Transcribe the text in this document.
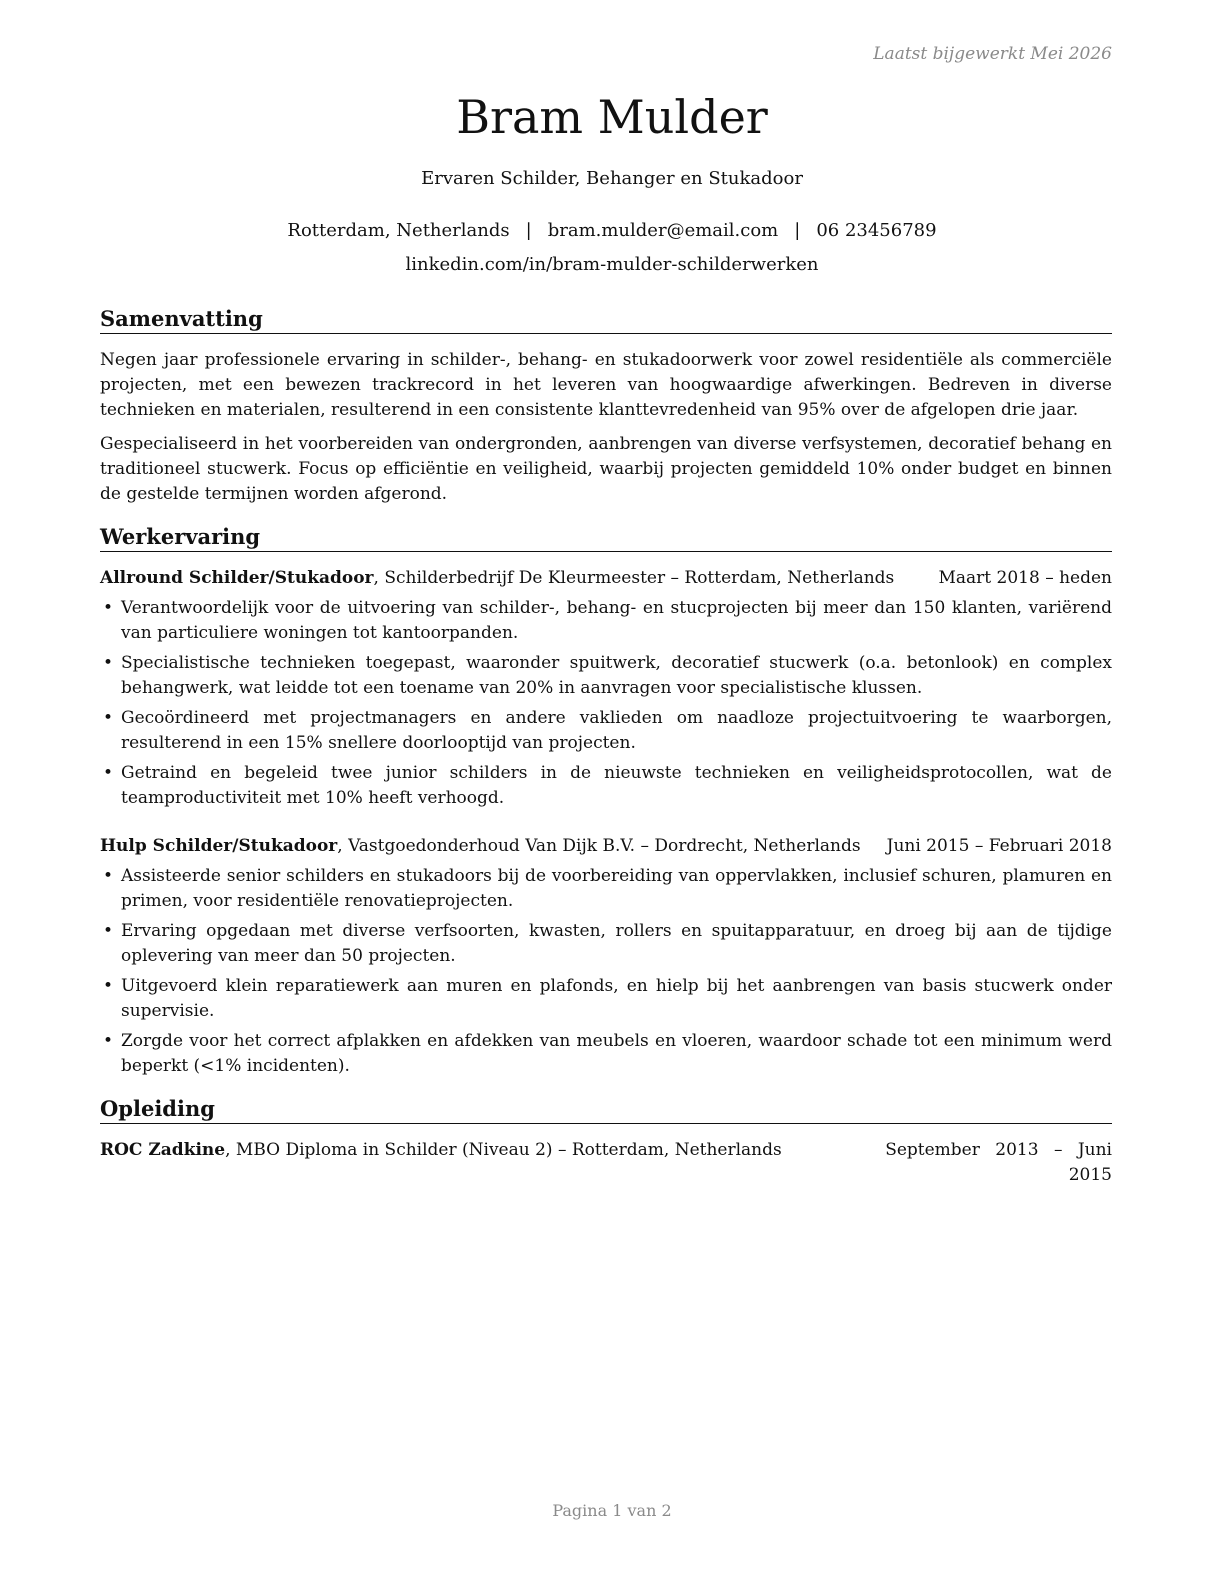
Laatst bijgewerkt Mei 2026
Bram Mulder
Ervaren Schilder, Behanger en Stukadoor
Rotterdam, Netherlands | bram.mulder@email.com | 06 23456789
linkedin.com/in/bram-mulder-schilderwerken
Samenvatting

Negen jaar professionele ervaring in schilder-, behang- en stukadoorwerk voor zowel residentiële als commerciële projecten, met een bewezen trackrecord in het leveren van hoogwaardige afwerkingen. Bedreven in diverse technieken en materialen, resulterend in een consistente klanttevredenheid van 95% over de afgelopen drie jaar.

Gespecialiseerd in het voorbereiden van ondergronden, aanbrengen van diverse verfsystemen, decoratief behang en traditioneel stucwerk. Focus op efficiëntie en veiligheid, waarbij projecten gemiddeld 10% onder budget en binnen de gestelde termijnen worden afgerond.

Werkervaring
Allround Schilder/Stukadoor, Schilderbedrijf De Kleurmeester – Rotterdam, Netherlands	Maart 2018 – heden
• Verantwoordelijk voor de uitvoering van schilder-, behang- en stucprojecten bij meer dan 150 klanten, variërend van particuliere woningen tot kantoorpanden.
• Specialistische technieken toegepast, waaronder spuitwerk, decoratief stucwerk (o.a. betonlook) en complex behangwerk, wat leidde tot een toename van 20% in aanvragen voor specialistische klussen.
• Gecoördineerd met projectmanagers en andere vaklieden om naadloze projectuitvoering te waarborgen, resulterend in een 15% snellere doorlooptijd van projecten.
• Getraind en begeleid twee junior schilders in de nieuwste technieken en veiligheidsprotocollen, wat de teamproductiviteit met 10% heeft verhoogd.
Hulp Schilder/Stukadoor, Vastgoedonderhoud Van Dijk B.V. – Dordrecht, Netherlands Juni 2015 – Februari 2018
• Assisteerde senior schilders en stukadoors bij de voorbereiding van oppervlakken, inclusief schuren, plamuren en primen, voor residentiële renovatieprojecten.
• Ervaring opgedaan met diverse verfsoorten, kwasten, rollers en spuitapparatuur, en droeg bij aan de tijdige oplevering van meer dan 50 projecten.
• Uitgevoerd klein reparatiewerk aan muren en plafonds, en hielp bij het aanbrengen van basis stucwerk onder supervisie.
• Zorgde voor het correct afplakken en afdekken van meubels en vloeren, waardoor schade tot een minimum werd beperkt (<1% incidenten).
Opleiding
ROC Zadkine, MBO Diploma in Schilder (Niveau 2) – Rotterdam, Netherlands	September 2013 – Juni 2015
Pagina 1 van 2
